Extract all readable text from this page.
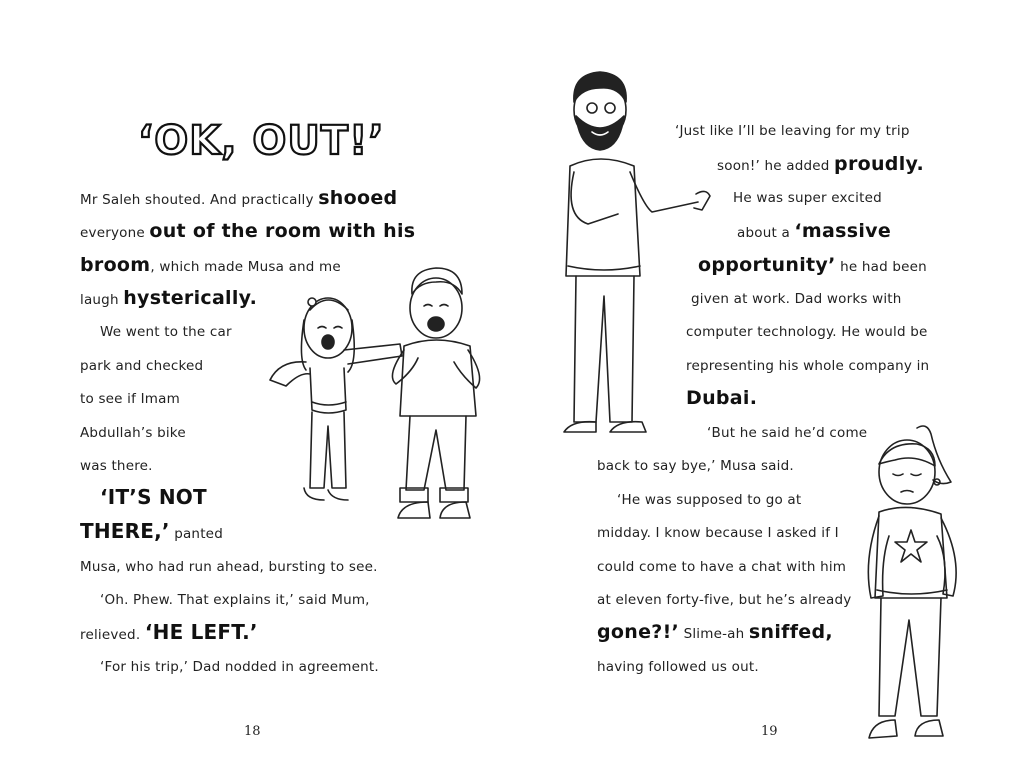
‘OK, OUT!’
Mr Saleh shouted. And practically shooed
everyone out of the room with his
broom, which made Musa and me
laugh hysterically.
We went to the car
park and checked
to see if Imam
Abdullah’s bike
was there.
‘IT’S NOT
THERE,’ panted
Musa, who had run ahead, bursting to see.
‘Oh. Phew. That explains it,’ said Mum,
relieved. ‘HE LEFT.’
‘For his trip,’ Dad nodded in agreement.
18
‘Just like I’ll be leaving for my trip
soon!’ he added proudly.
He was super excited
about a ‘massive
opportunity’ he had been
given at work. Dad works with
computer technology. He would be
representing his whole company in
Dubai.
‘But he said he’d come
back to say bye,’ Musa said.
‘He was supposed to go at
midday. I know because I asked if I
could come to have a chat with him
at eleven forty-five, but he’s already
gone?!’ Slime-ah sniffed,
having followed us out.
19
